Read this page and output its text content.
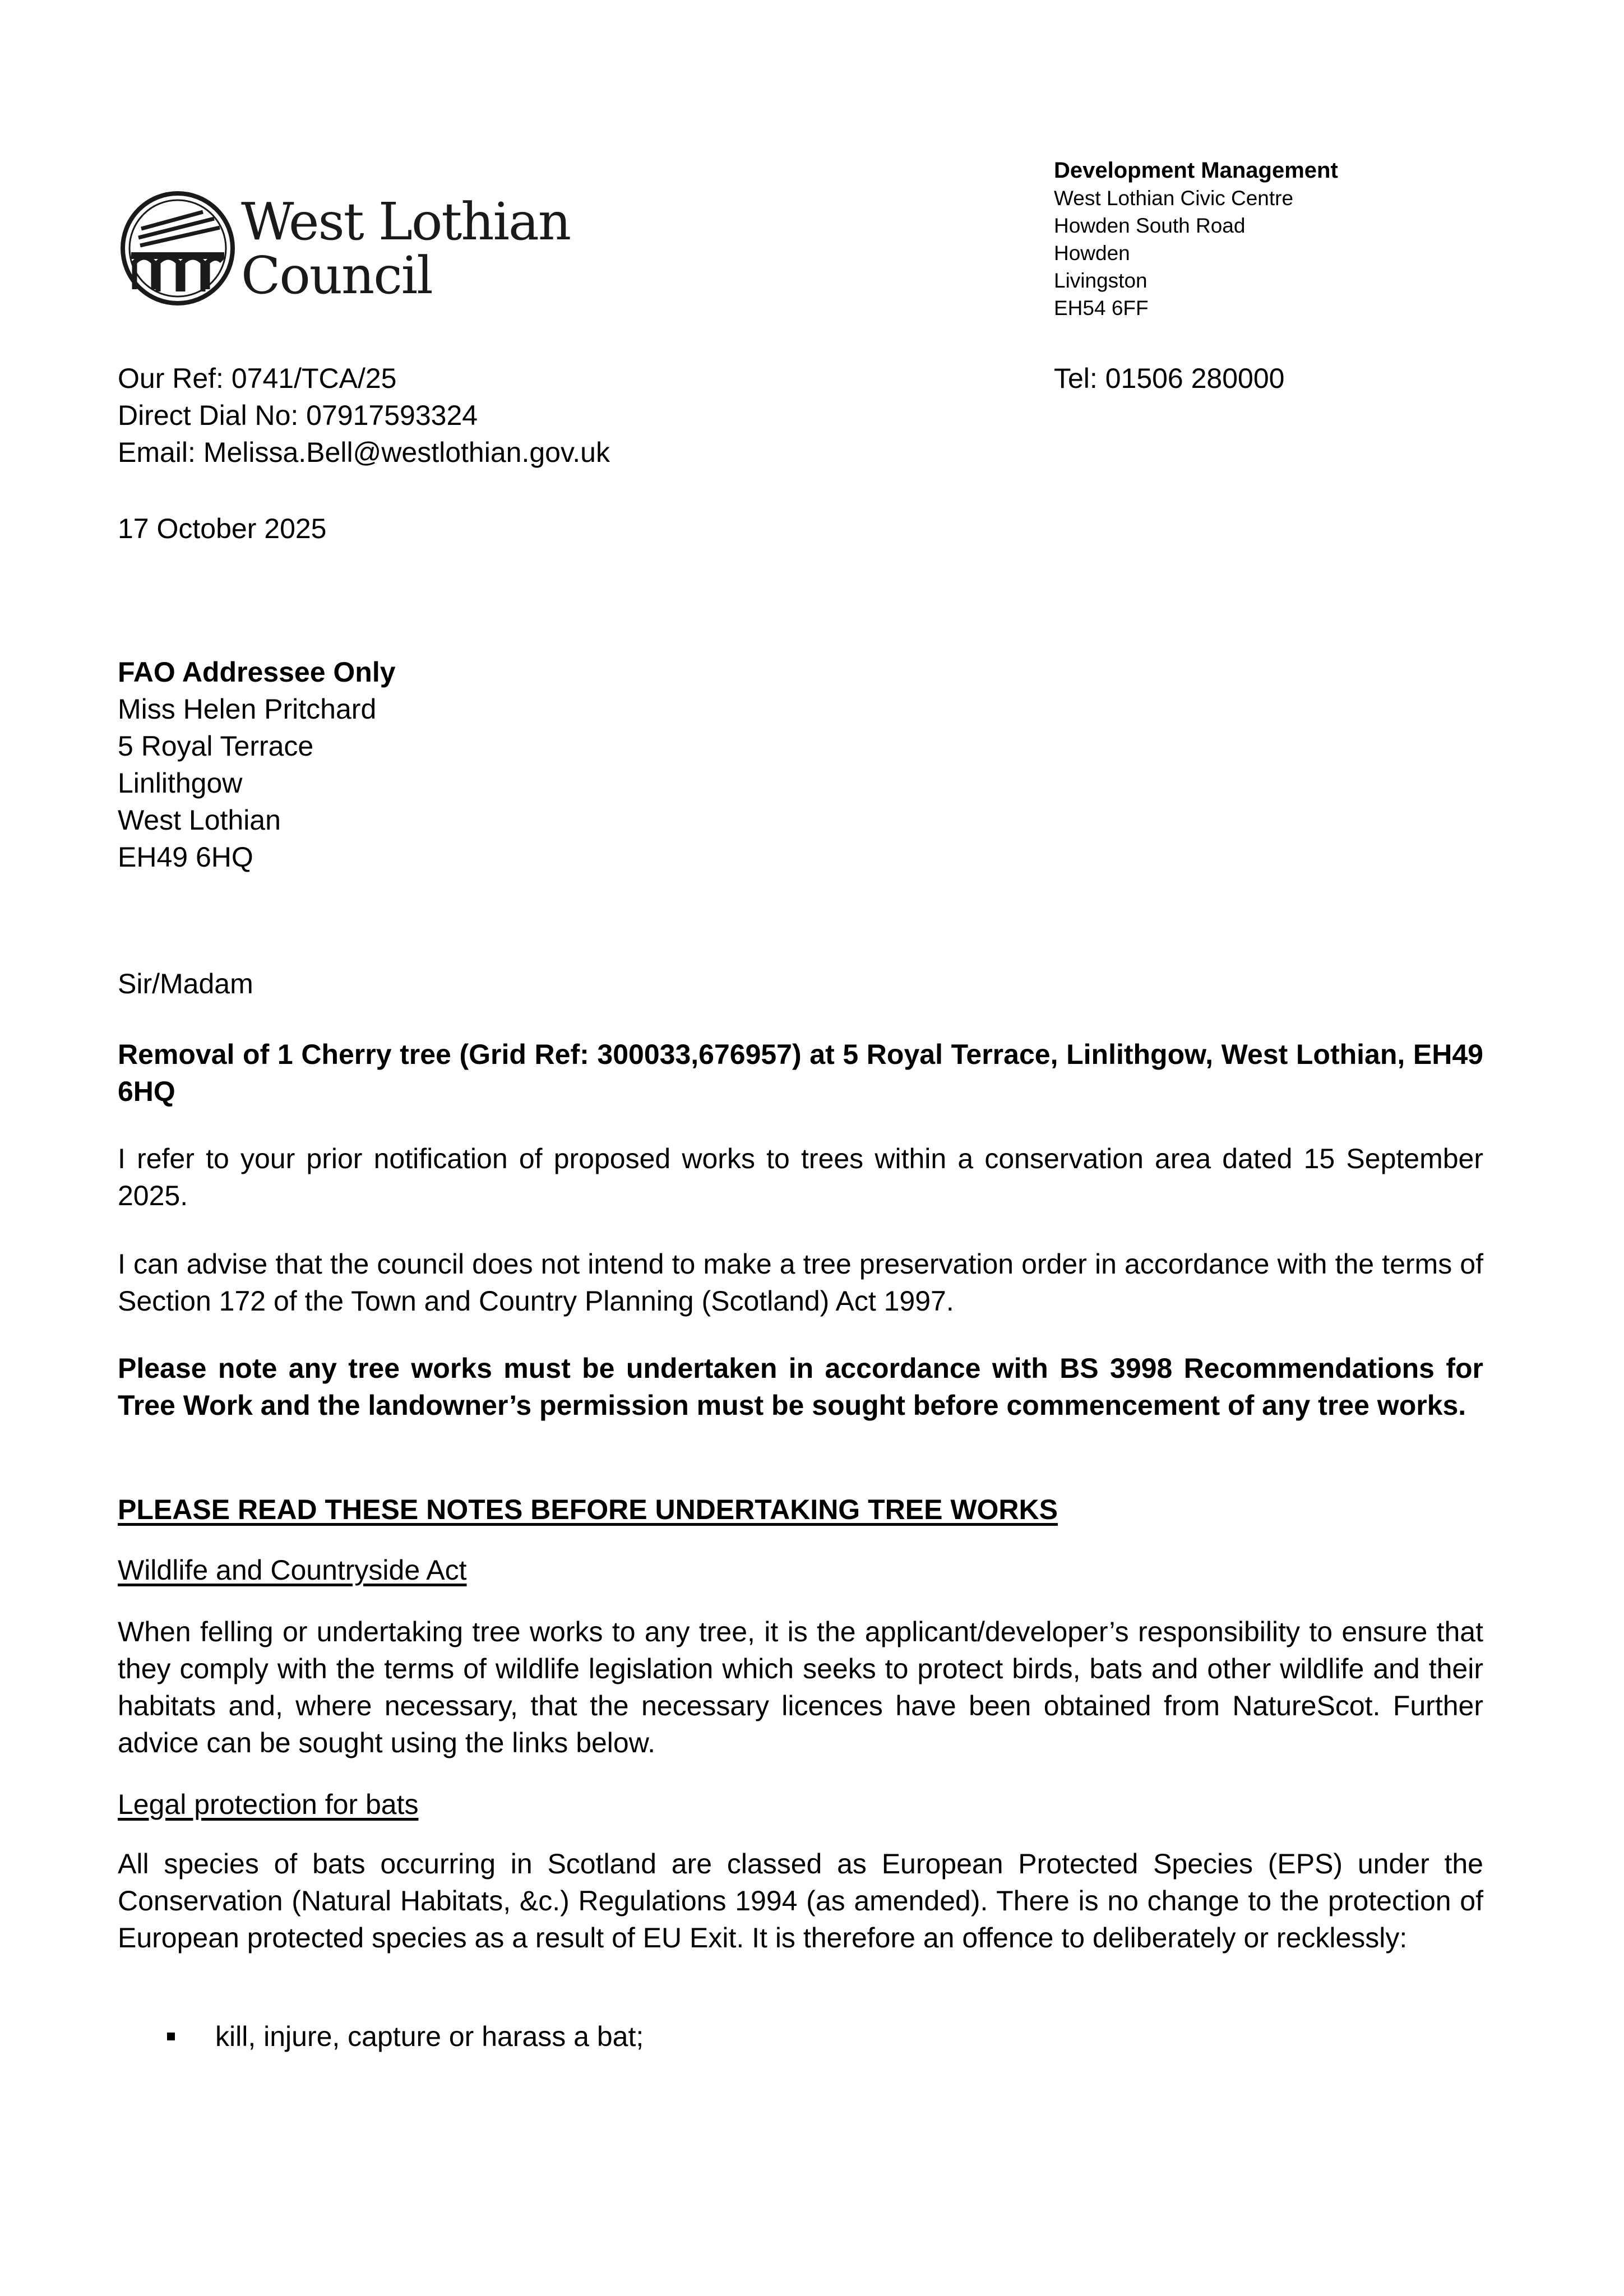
West Lothian
Council
Development Management
West Lothian Civic Centre
Howden South Road
Howden
Livingston
EH54 6FF
Tel: 01506 280000
Our Ref: 0741/TCA/25
Direct Dial No: 07917593324
Email: Melissa.Bell@westlothian.gov.uk
17 October 2025
FAO Addressee Only
Miss Helen Pritchard
5 Royal Terrace
Linlithgow
West Lothian
EH49 6HQ
Sir/Madam
Removal of 1 Cherry tree (Grid Ref: 300033,676957) at 5 Royal Terrace, Linlithgow, West Lothian, EH49 6HQ
I refer to your prior notification of proposed works to trees within a conservation area dated 15 September 2025.
I can advise that the council does not intend to make a tree preservation order in accordance with the terms of Section 172 of the Town and Country Planning (Scotland) Act 1997.
Please note any tree works must be undertaken in accordance with BS 3998 Recommendations for Tree Work and the landowner’s permission must be sought before commencement of any tree works.
PLEASE READ THESE NOTES BEFORE UNDERTAKING TREE WORKS
Wildlife and Countryside Act
When felling or undertaking tree works to any tree, it is the applicant/developer’s responsibility to ensure that they comply with the terms of wildlife legislation which seeks to protect birds, bats and other wildlife and their habitats and, where necessary, that the necessary licences have been obtained from NatureScot. Further advice can be sought using the links below.
Legal protection for bats
All species of bats occurring in Scotland are classed as European Protected Species (EPS) under the Conservation (Natural Habitats, &c.) Regulations 1994 (as amended). There is no change to the protection of European protected species as a result of EU Exit. It is therefore an offence to deliberately or recklessly:
kill, injure, capture or harass a bat;
